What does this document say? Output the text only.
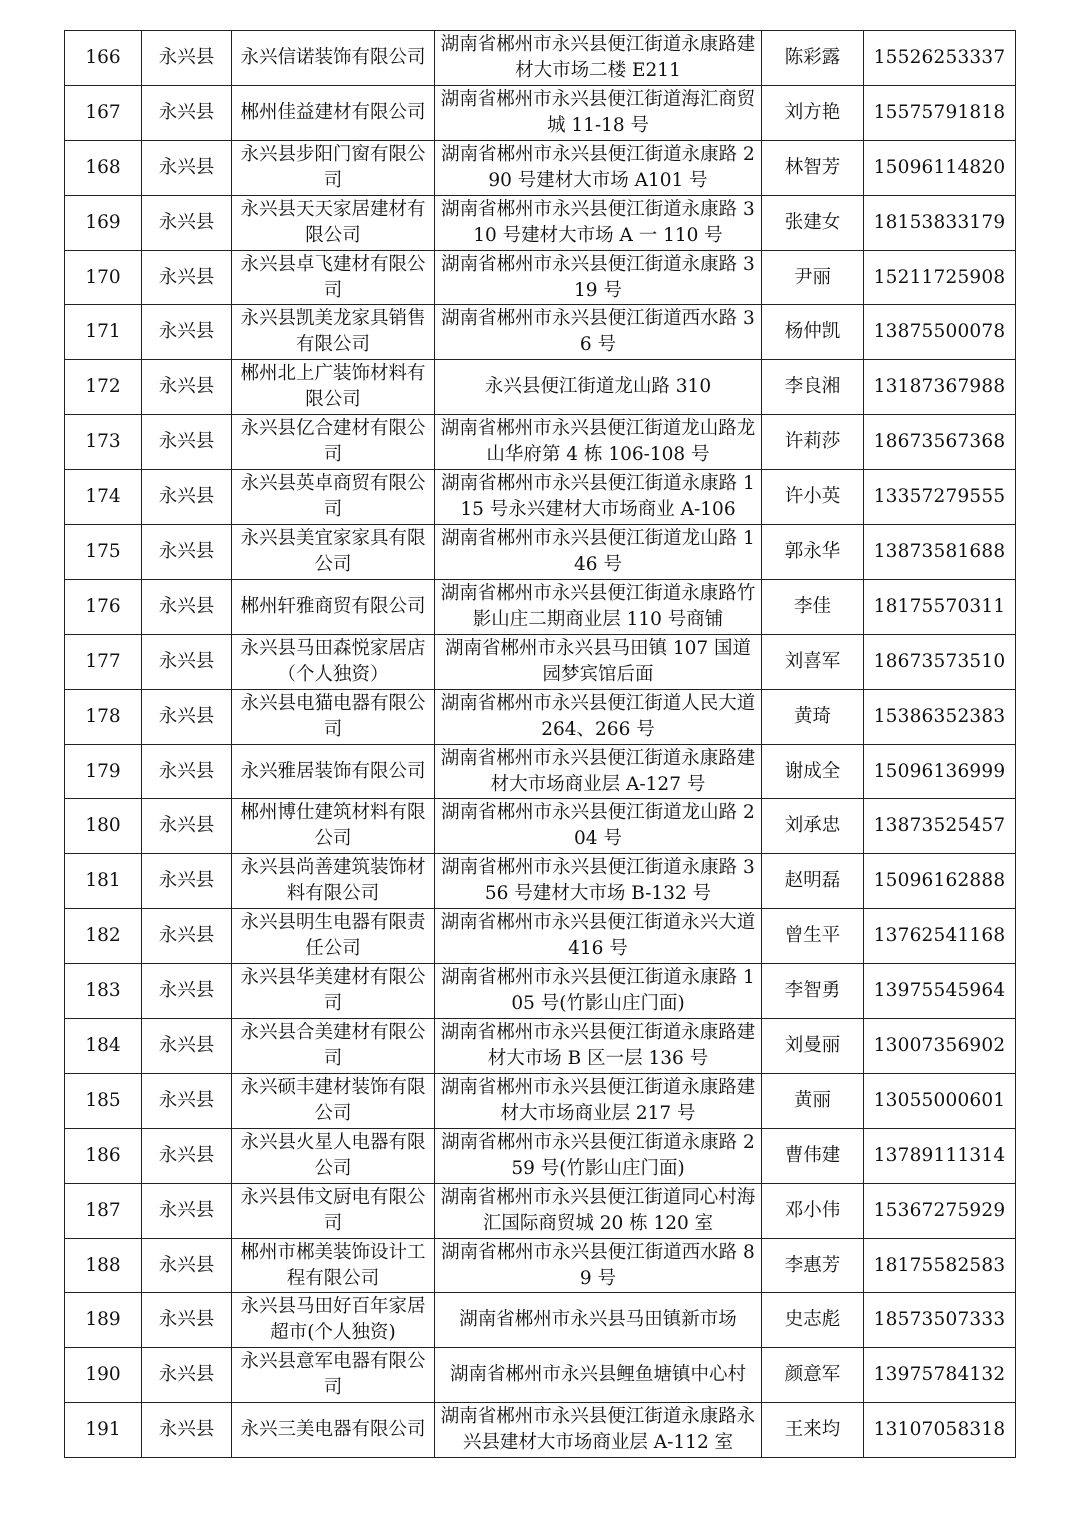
166	永兴县	永兴信诺装饰有限公司	湖南省郴州市永兴县便江街道永康路建材大市场二楼 E211	陈彩露	15526253337
167	永兴县	郴州佳益建材有限公司	湖南省郴州市永兴县便江街道海汇商贸城 11-18 号	刘方艳	15575791818
168	永兴县	永兴县步阳门窗有限公司	湖南省郴州市永兴县便江街道永康路 290 号建材大市场 A101 号	林智芳	15096114820
169	永兴县	永兴县天天家居建材有限公司	湖南省郴州市永兴县便江街道永康路 310 号建材大市场 A 一 110 号	张建女	18153833179
170	永兴县	永兴县卓飞建材有限公司	湖南省郴州市永兴县便江街道永康路 319 号	尹丽	15211725908
171	永兴县	永兴县凯美龙家具销售有限公司	湖南省郴州市永兴县便江街道西水路 36 号	杨仲凯	13875500078
172	永兴县	郴州北上广装饰材料有限公司	永兴县便江街道龙山路 310	李良湘	13187367988
173	永兴县	永兴县亿合建材有限公司	湖南省郴州市永兴县便江街道龙山路龙山华府第 4 栋 106-108 号	许莉莎	18673567368
174	永兴县	永兴县英卓商贸有限公司	湖南省郴州市永兴县便江街道永康路 115 号永兴建材大市场商业 A-106	许小英	13357279555
175	永兴县	永兴县美宜家家具有限公司	湖南省郴州市永兴县便江街道龙山路 146 号	郭永华	13873581688
176	永兴县	郴州轩雅商贸有限公司	湖南省郴州市永兴县便江街道永康路竹影山庄二期商业层 110 号商铺	李佳	18175570311
177	永兴县	永兴县马田森悦家居店（个人独资）	湖南省郴州市永兴县马田镇 107 国道园梦宾馆后面	刘喜军	18673573510
178	永兴县	永兴县电猫电器有限公司	湖南省郴州市永兴县便江街道人民大道 264、266 号	黄琦	15386352383
179	永兴县	永兴雅居装饰有限公司	湖南省郴州市永兴县便江街道永康路建材大市场商业层 A-127 号	谢成全	15096136999
180	永兴县	郴州博仕建筑材料有限公司	湖南省郴州市永兴县便江街道龙山路 204 号	刘承忠	13873525457
181	永兴县	永兴县尚善建筑装饰材料有限公司	湖南省郴州市永兴县便江街道永康路 356 号建材大市场 B-132 号	赵明磊	15096162888
182	永兴县	永兴县明生电器有限责任公司	湖南省郴州市永兴县便江街道永兴大道 416 号	曾生平	13762541168
183	永兴县	永兴县华美建材有限公司	湖南省郴州市永兴县便江街道永康路 105 号(竹影山庄门面)	李智勇	13975545964
184	永兴县	永兴县合美建材有限公司	湖南省郴州市永兴县便江街道永康路建材大市场 B 区一层 136 号	刘曼丽	13007356902
185	永兴县	永兴硕丰建材装饰有限公司	湖南省郴州市永兴县便江街道永康路建材大市场商业层 217 号	黄丽	13055000601
186	永兴县	永兴县火星人电器有限公司	湖南省郴州市永兴县便江街道永康路 259 号(竹影山庄门面)	曹伟建	13789111314
187	永兴县	永兴县伟文厨电有限公司	湖南省郴州市永兴县便江街道同心村海汇国际商贸城 20 栋 120 室	邓小伟	15367275929
188	永兴县	郴州市郴美装饰设计工程有限公司	湖南省郴州市永兴县便江街道西水路 89 号	李惠芳	18175582583
189	永兴县	永兴县马田好百年家居超市(个人独资)	湖南省郴州市永兴县马田镇新市场	史志彪	18573507333
190	永兴县	永兴县意军电器有限公司	湖南省郴州市永兴县鲤鱼塘镇中心村	颜意军	13975784132
191	永兴县	永兴三美电器有限公司	湖南省郴州市永兴县便江街道永康路永兴县建材大市场商业层 A-112 室	王来均	13107058318
